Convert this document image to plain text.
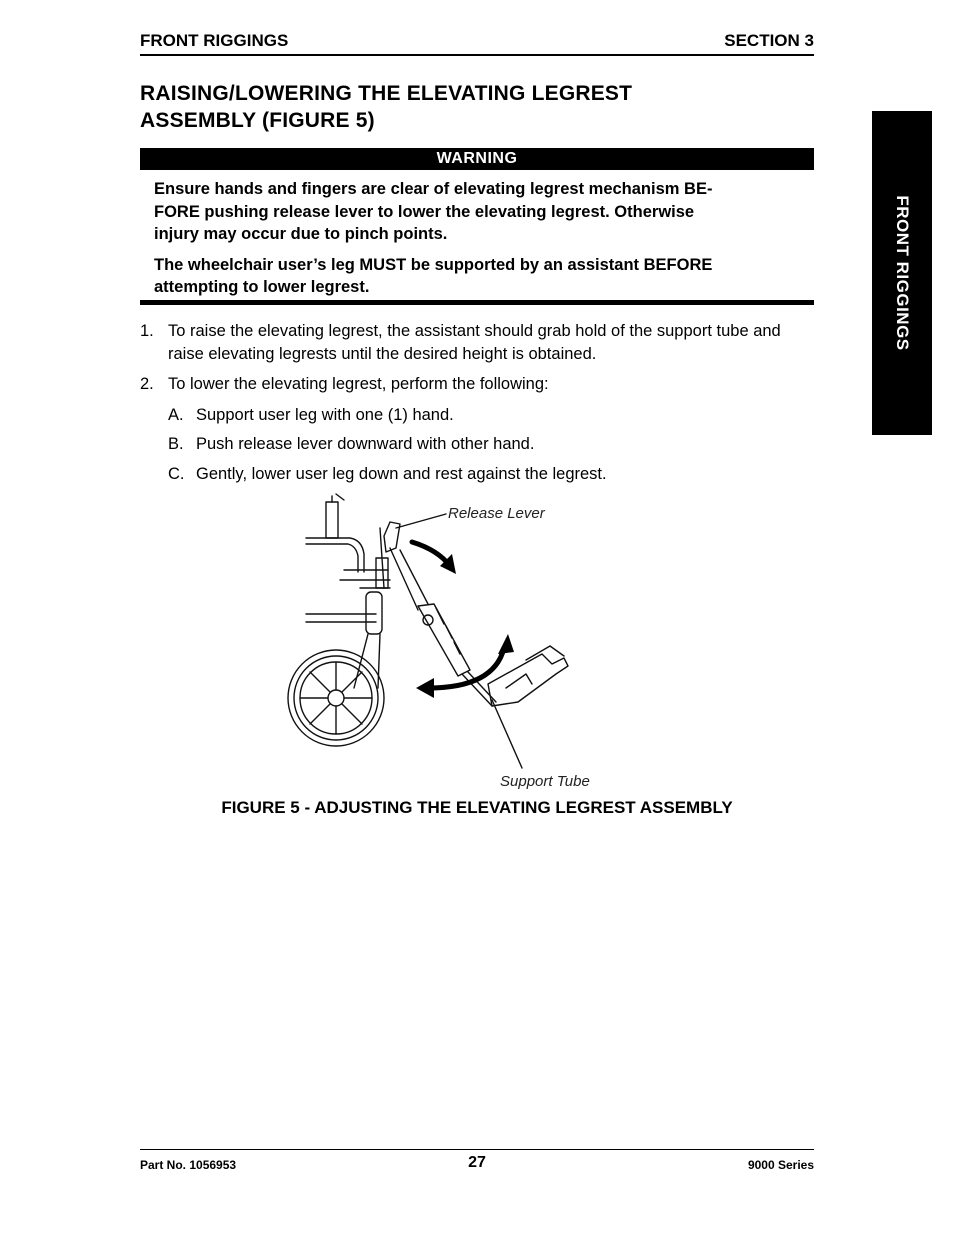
FRONT RIGGINGS	SECTION 3
RAISING/LOWERING THE ELEVATING LEGREST
ASSEMBLY (FIGURE 5)
WARNING

Ensure hands and fingers are clear of elevating legrest mechanism BE-
FORE pushing release lever to lower the elevating legrest. Otherwise
injury may occur due to pinch points.

The wheelchair user’s leg MUST be supported by an assistant BEFORE
attempting to lower legrest.

1. To raise the elevating legrest, the assistant should grab hold of the support tube and
raise elevating legrests until the desired height is obtained.
2. To lower the elevating legrest, perform the following:
A. Support user leg with one (1) hand.
B. Push release lever downward with other hand.
C. Gently, lower user leg down and rest against the legrest.
Release Lever
Support Tube
FIGURE 5 - ADJUSTING THE ELEVATING LEGREST ASSEMBLY
FRONT RIGGINGS
Part No. 1056953	27	9000 Series
